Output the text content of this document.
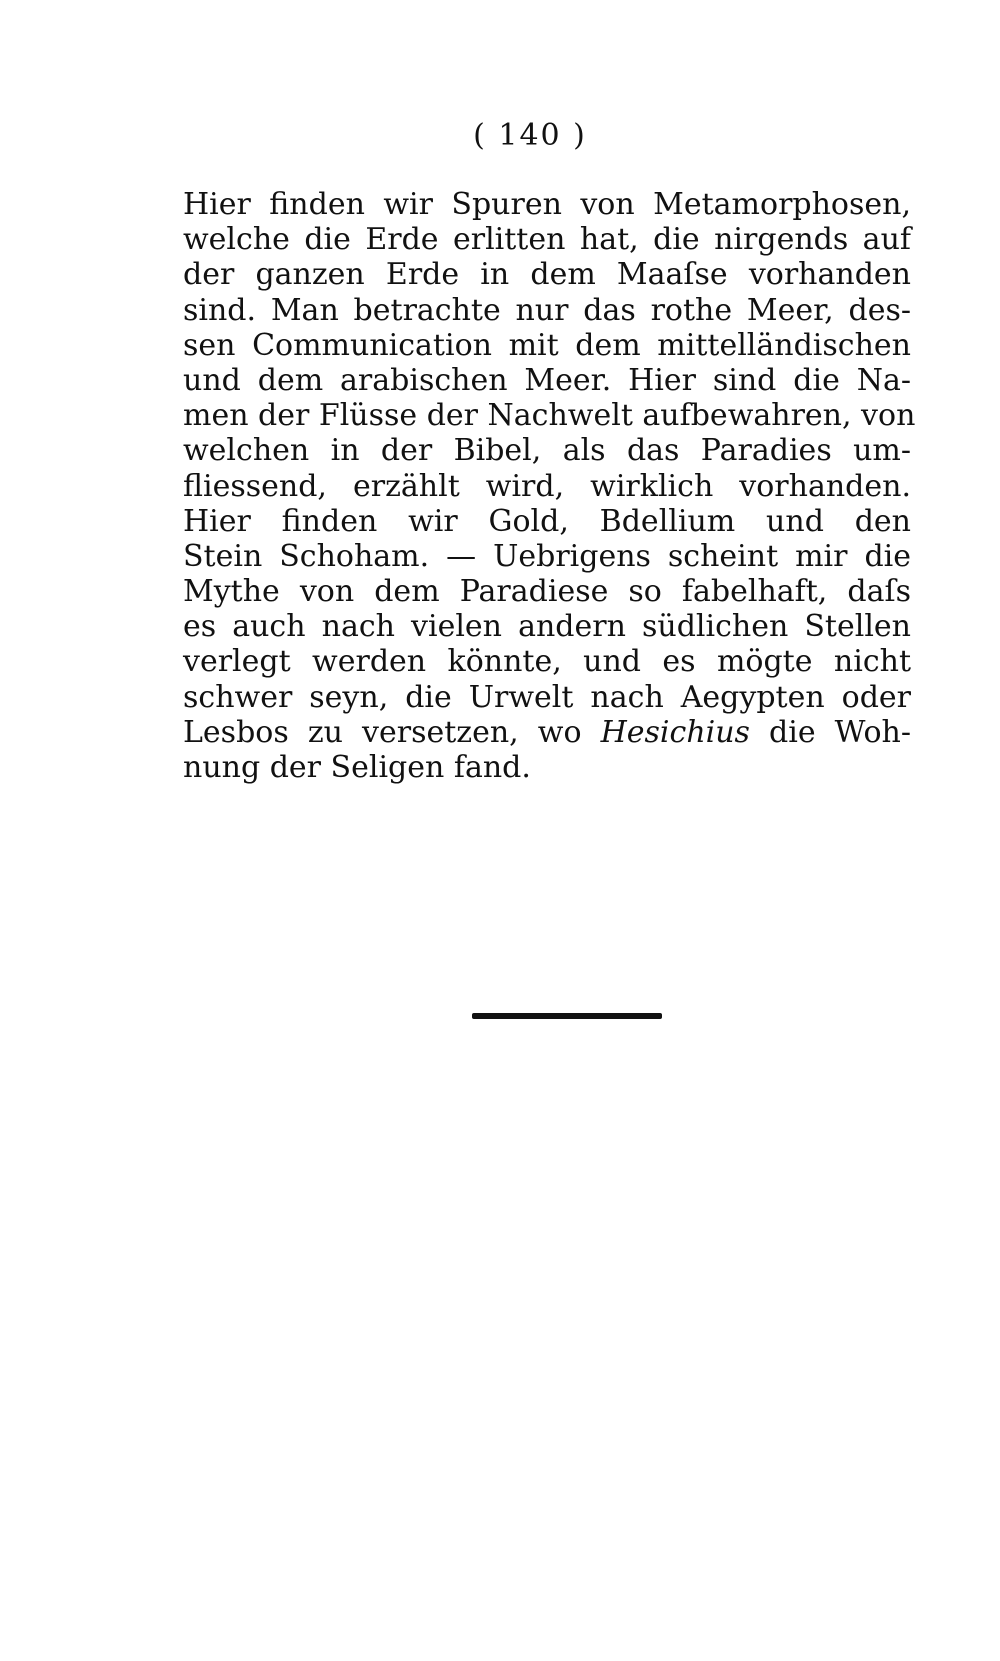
( 140 )
Hier finden wir Spuren von Metamorphosen,
welche die Erde erlitten hat, die nirgends auf
der ganzen Erde in dem Maaſse vorhanden
sind. Man betrachte nur das rothe Meer, des-
sen Communication mit dem mittelländischen
und dem arabischen Meer. Hier sind die Na-
men der Flüsse der Nachwelt aufbewahren, von
welchen in der Bibel, als das Paradies um-
fliessend, erzählt wird, wirklich vorhanden.
Hier finden wir Gold, Bdellium und den
Stein Schoham. — Uebrigens scheint mir die
Mythe von dem Paradiese so fabelhaft, daſs
es auch nach vielen andern südlichen Stellen
verlegt werden könnte, und es mögte nicht
schwer seyn, die Urwelt nach Aegypten oder
Lesbos zu versetzen, wo Hesichius die Woh-
nung der Seligen fand.
